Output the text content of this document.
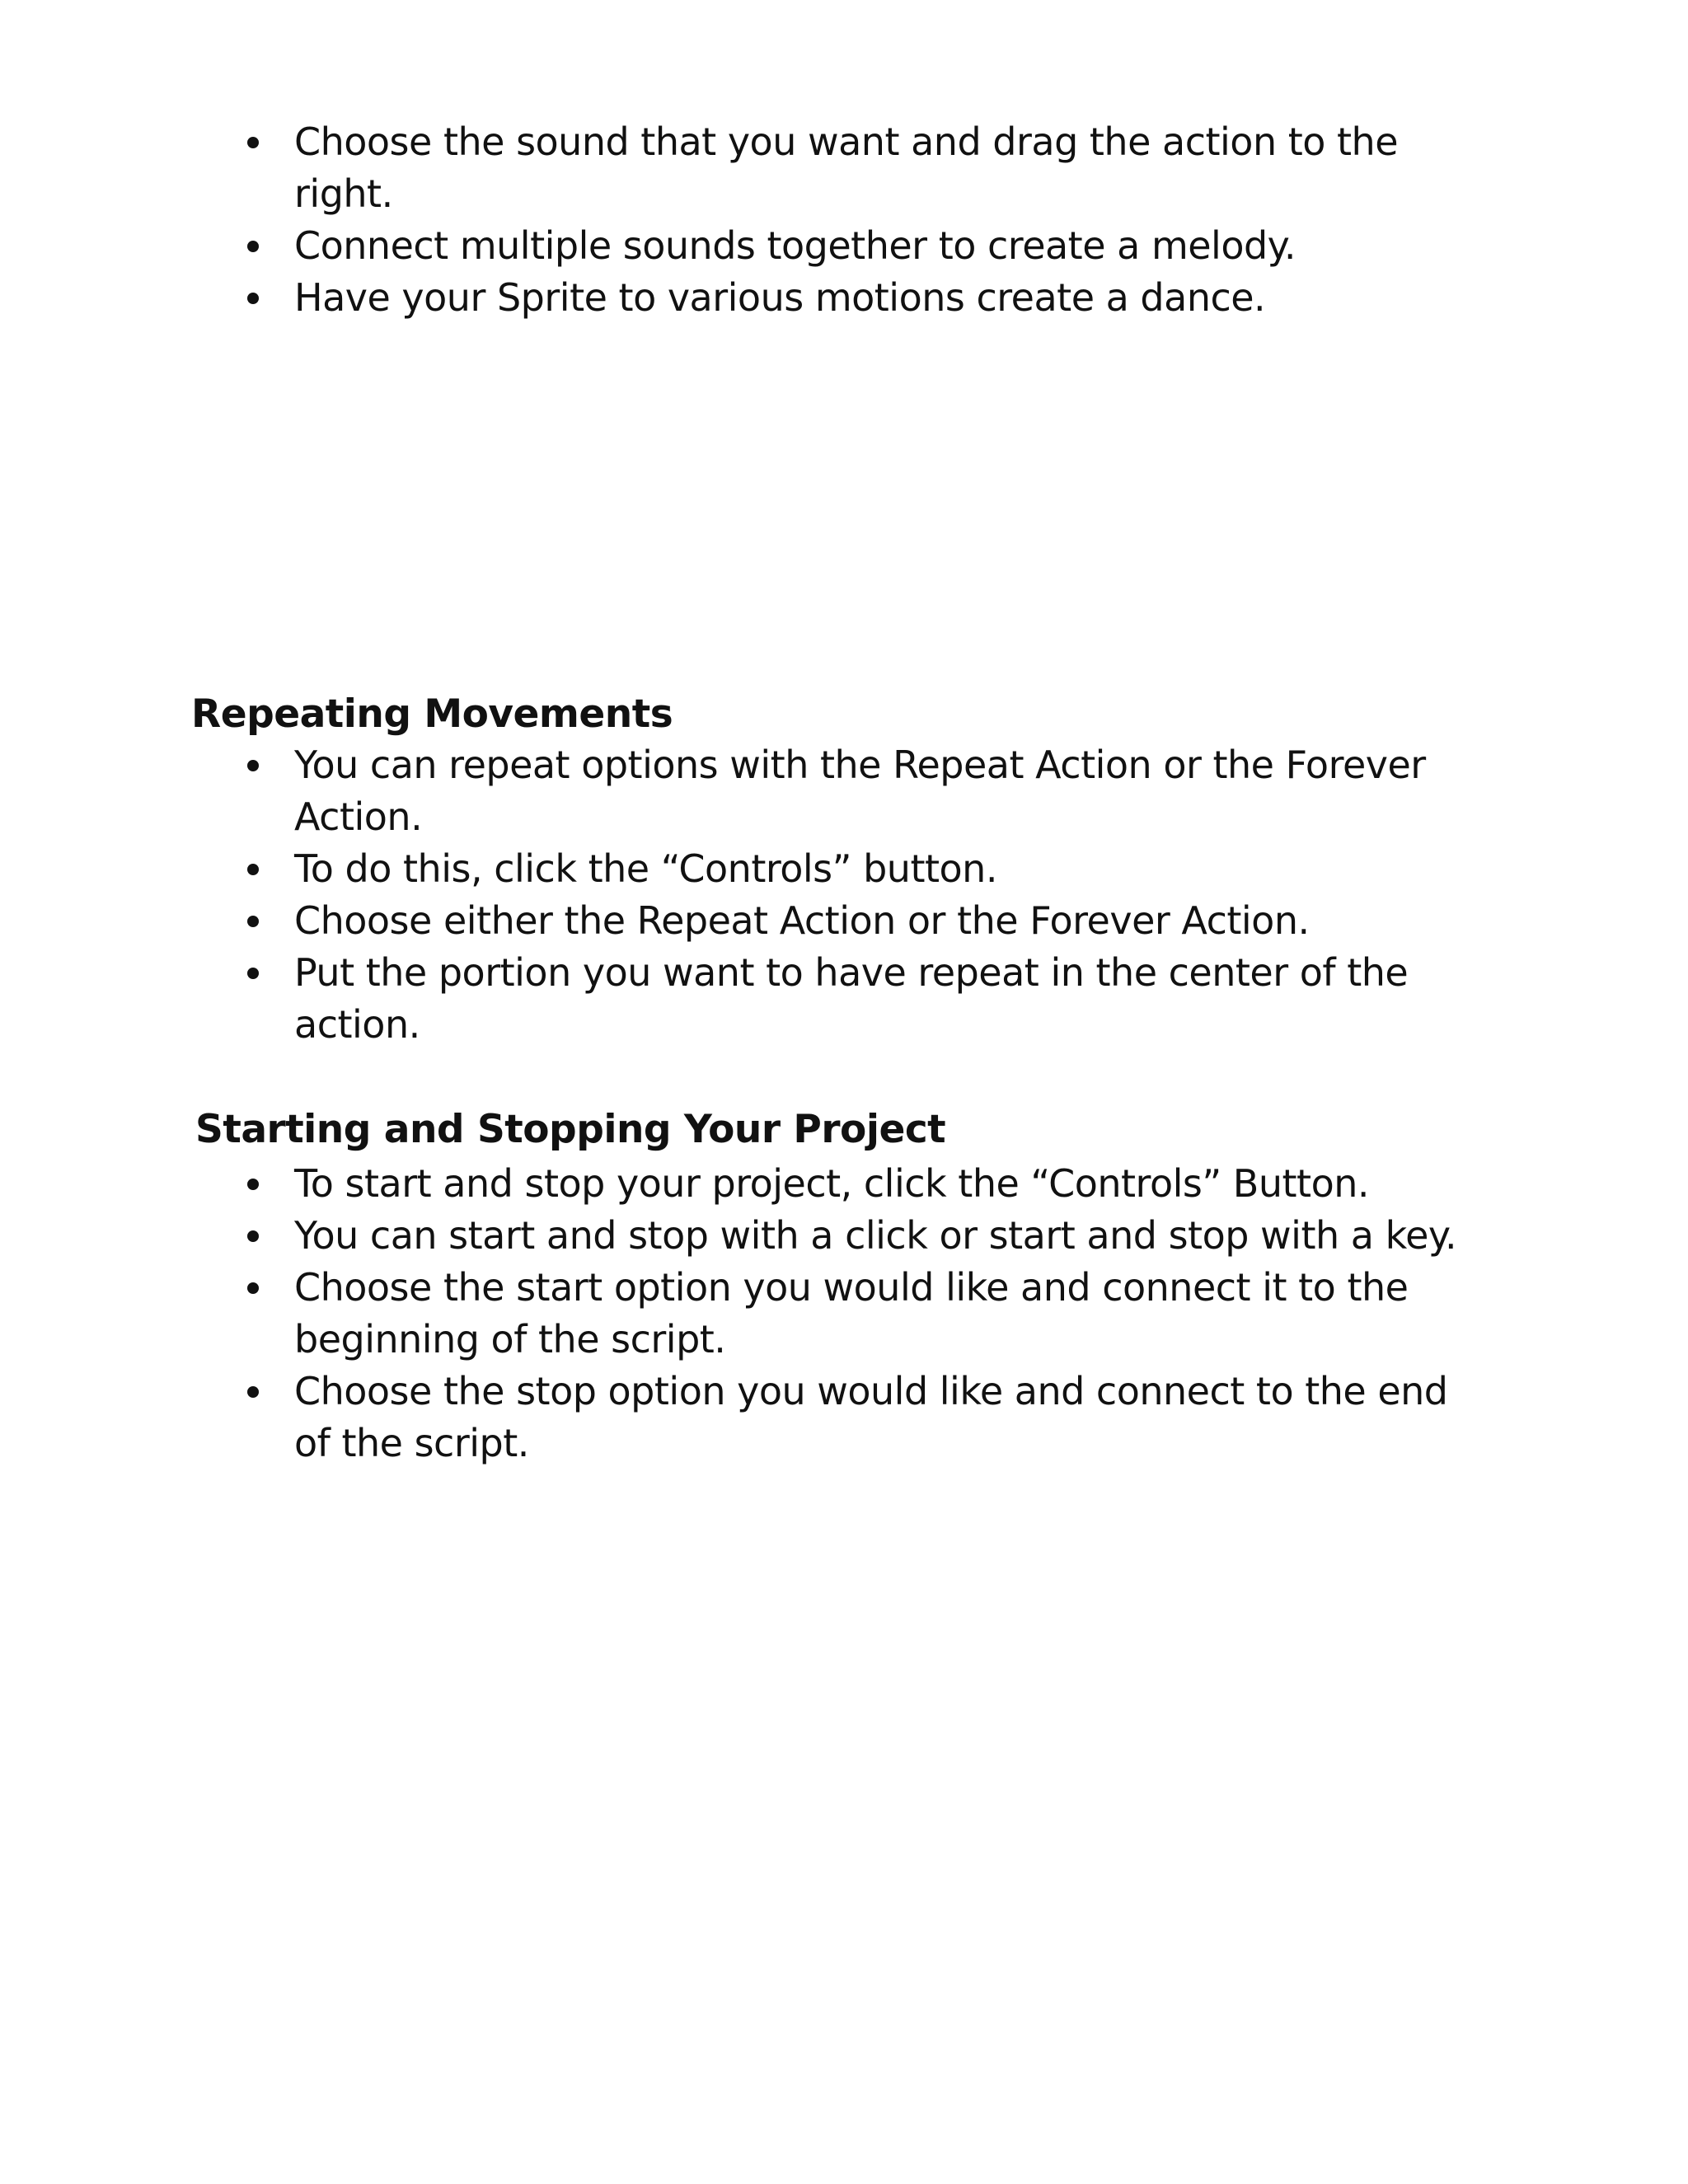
Choose the sound that you want and drag the action to the right.
Connect multiple sounds together to create a melody.
Have your Sprite to various motions create a dance.
Repeating Movements
You can repeat options with the Repeat Action or the Forever Action.
To do this, click the “Controls” button.
Choose either the Repeat Action or the Forever Action.
Put the portion you want to have repeat in the center of the action.
Starting and Stopping Your Project
To start and stop your project, click the “Controls” Button.
You can start and stop with a click or start and stop with a key.
Choose the start option you would like and connect it to the beginning of the script.
Choose the stop option you would like and connect to the end of the script.
